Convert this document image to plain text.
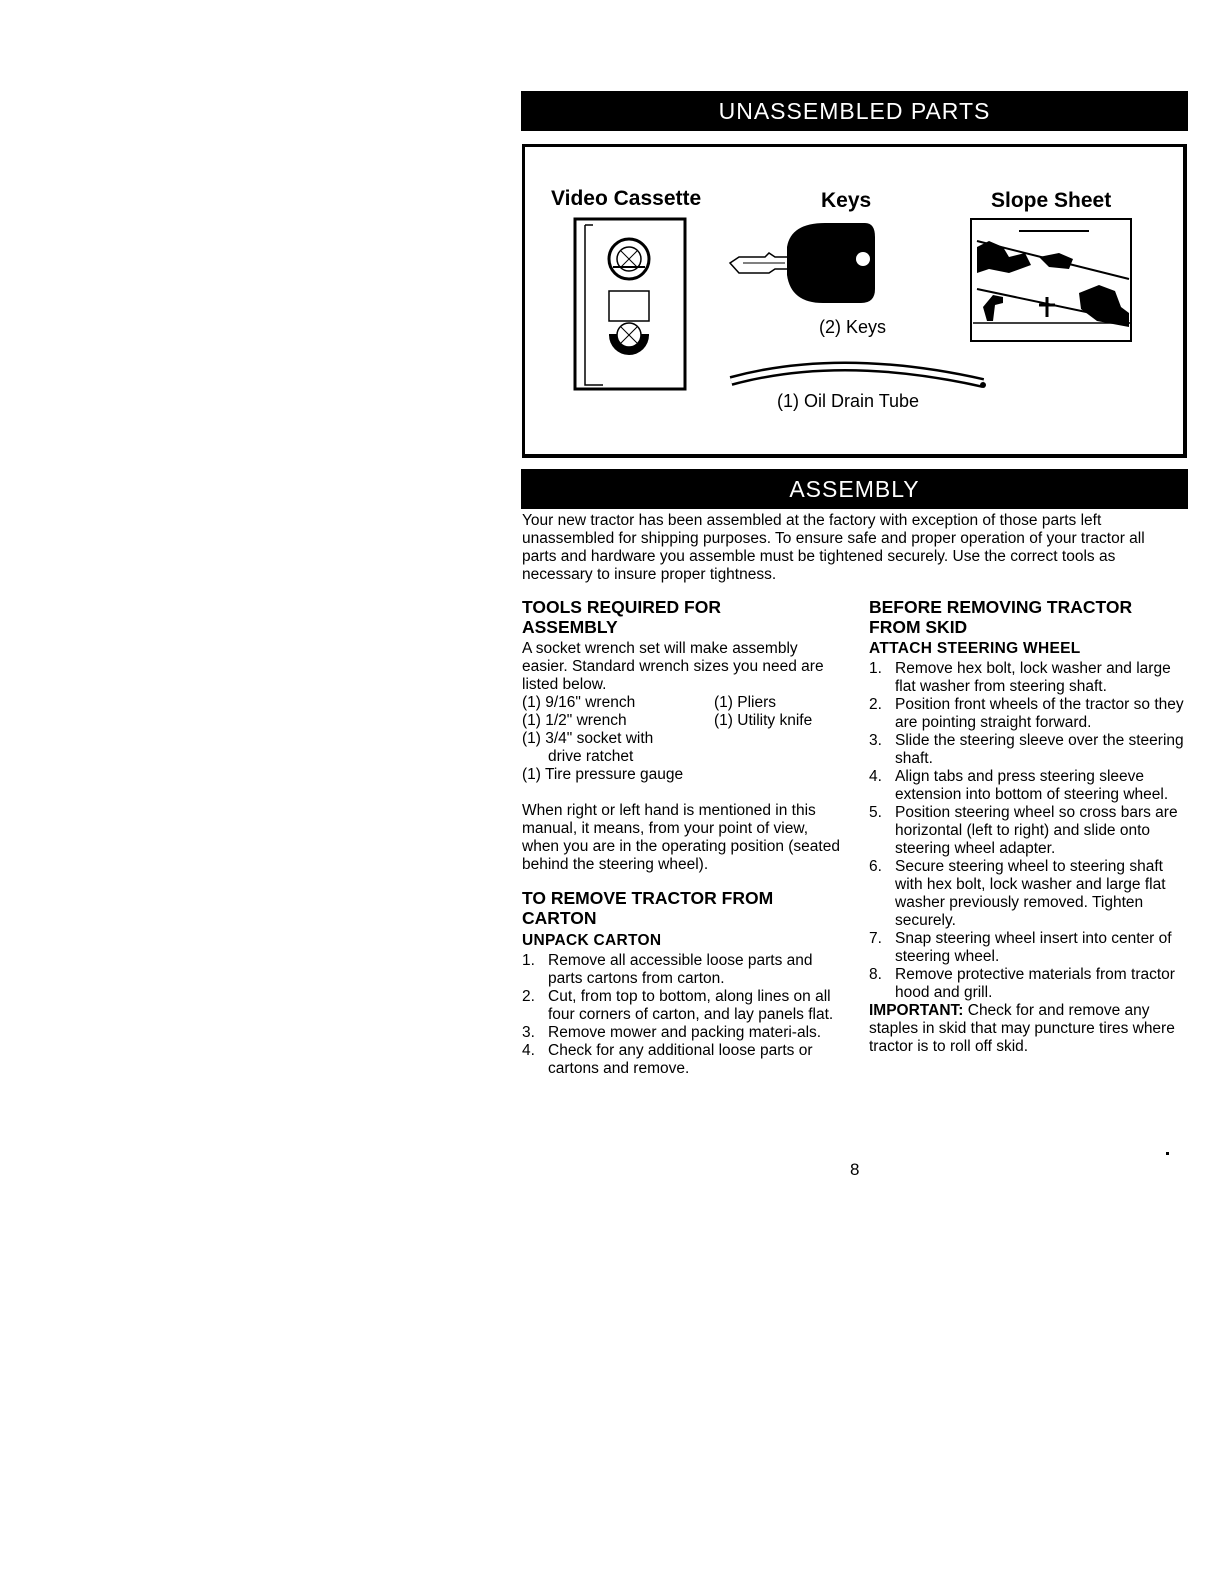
UNASSEMBLED PARTS
Video Cassette	Keys	Slope Sheet
(2) Keys
(1) Oil Drain Tube
ASSEMBLY
Your new tractor has been assembled at the factory with exception of those parts left unassembled for shipping purposes. To ensure safe and proper operation of your tractor all parts and hardware you assemble must be tightened securely. Use the correct tools as necessary to insure proper tightness.
TOOLS REQUIRED FOR
ASSEMBLY

A socket wrench set will make assembly easier. Standard wrench sizes you need are listed below.

(1) 9/16" wrench	(1) Pliers
(1) 1/2" wrench	(1) Utility knife
(1) 3/4" socket with
drive ratchet
(1) Tire pressure gauge

When right or left hand is mentioned in this manual, it means, from your point of view, when you are in the operating position (seated behind the steering wheel).

TO REMOVE TRACTOR FROM
CARTON
UNPACK CARTON
1. Remove all accessible loose parts and parts cartons from carton.
2. Cut, from top to bottom, along lines on all four corners of carton, and lay panels flat.
3. Remove mower and packing materi-als.
4. Check for any additional loose parts or cartons and remove.
BEFORE REMOVING TRACTOR
FROM SKID
ATTACH STEERING WHEEL
1. Remove hex bolt, lock washer and large flat washer from steering shaft.
2. Position front wheels of the tractor so they are pointing straight forward.
3. Slide the steering sleeve over the steering shaft.
4. Align tabs and press steering sleeve extension into bottom of steering wheel.
5. Position steering wheel so cross bars are horizontal (left to right) and slide onto steering wheel adapter.
6. Secure steering wheel to steering shaft with hex bolt, lock washer and large flat washer previously removed. Tighten securely.
7. Snap steering wheel insert into center of steering wheel.
8. Remove protective materials from tractor hood and grill.

IMPORTANT: Check for and remove any staples in skid that may puncture tires where tractor is to roll off skid.

8
